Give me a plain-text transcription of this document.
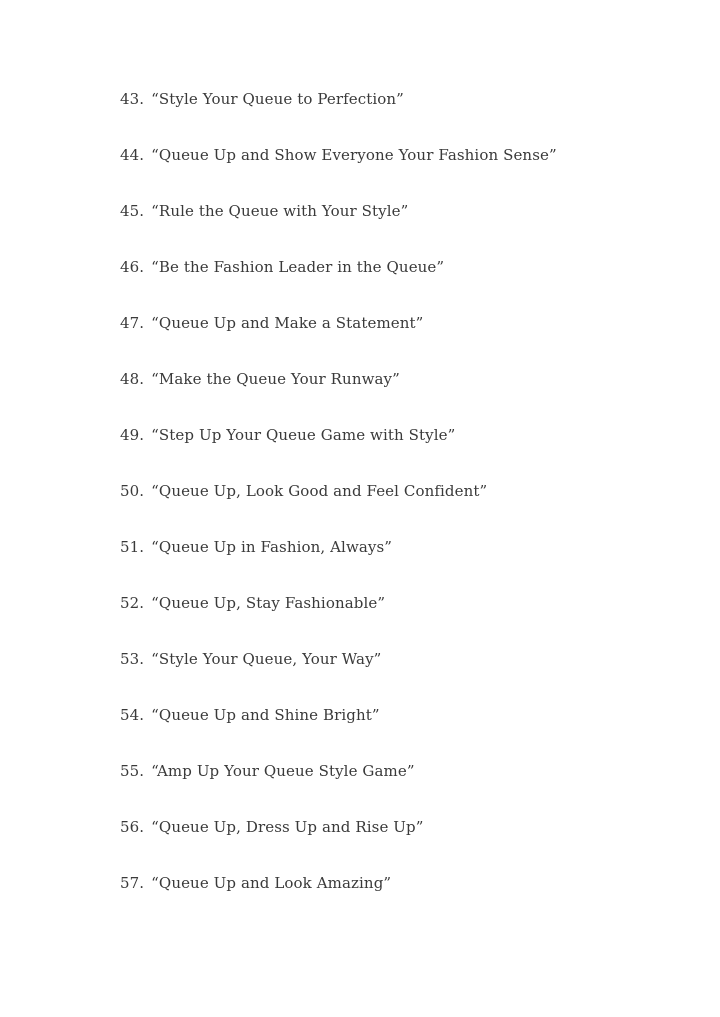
43. “Style Your Queue to Perfection”
44. “Queue Up and Show Everyone Your Fashion Sense”
45. “Rule the Queue with Your Style”
46. “Be the Fashion Leader in the Queue”
47. “Queue Up and Make a Statement”
48. “Make the Queue Your Runway”
49. “Step Up Your Queue Game with Style”
50. “Queue Up, Look Good and Feel Confident”
51. “Queue Up in Fashion, Always”
52. “Queue Up, Stay Fashionable”
53. “Style Your Queue, Your Way”
54. “Queue Up and Shine Bright”
55. “Amp Up Your Queue Style Game”
56. “Queue Up, Dress Up and Rise Up”
57. “Queue Up and Look Amazing”
